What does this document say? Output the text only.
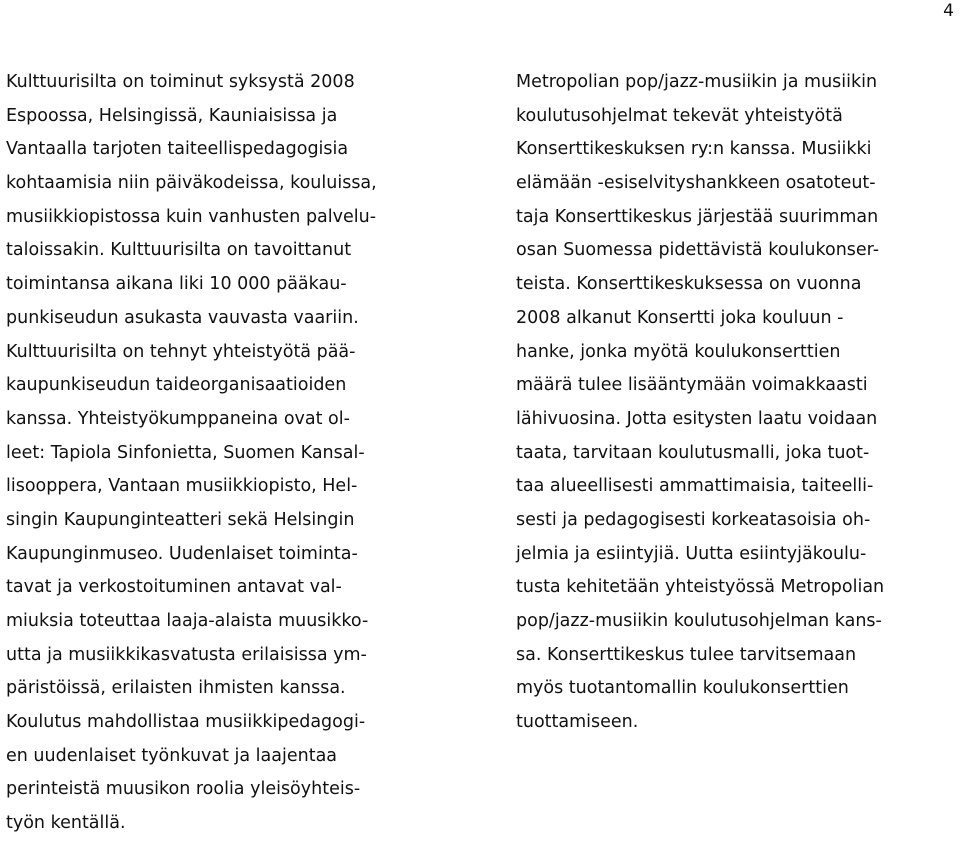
4
Kulttuurisilta on toiminut syksystä 2008
Espoossa, Helsingissä, Kauniaisissa ja
Vantaalla tarjoten taiteellispedagogisia
kohtaamisia niin päiväkodeissa, kouluissa,
musiikkiopistossa kuin vanhusten palvelu-
taloissakin. Kulttuurisilta on tavoittanut
toimintansa aikana liki 10 000 pääkau-
punkiseudun asukasta vauvasta vaariin.
Kulttuurisilta on tehnyt yhteistyötä pää-
kaupunkiseudun taideorganisaatioiden
kanssa. Yhteistyökumppaneina ovat ol-
leet: Tapiola Sinfonietta, Suomen Kansal-
lisooppera, Vantaan musiikkiopisto, Hel-
singin Kaupunginteatteri sekä Helsingin
Kaupunginmuseo. Uudenlaiset toiminta-
tavat ja verkostoituminen antavat val-
miuksia toteuttaa laaja-alaista muusikko-
utta ja musiikkikasvatusta erilaisissa ym-
päristöissä, erilaisten ihmisten kanssa.
Koulutus mahdollistaa musiikkipedagogi-
en uudenlaiset työnkuvat ja laajentaa
perinteistä muusikon roolia yleisöyhteis-
työn kentällä.
Metropolian pop/jazz-musiikin ja musiikin
koulutusohjelmat tekevät yhteistyötä
Konserttikeskuksen ry:n kanssa. Musiikki
elämään -esiselvityshankkeen osatoteut-
taja Konserttikeskus järjestää suurimman
osan Suomessa pidettävistä koulukonser-
teista. Konserttikeskuksessa on vuonna
2008 alkanut Konsertti joka kouluun -
hanke, jonka myötä koulukonserttien
määrä tulee lisääntymään voimakkaasti
lähivuosina. Jotta esitysten laatu voidaan
taata, tarvitaan koulutusmalli, joka tuot-
taa alueellisesti ammattimaisia, taiteelli-
sesti ja pedagogisesti korkeatasoisia oh-
jelmia ja esiintyjiä. Uutta esiintyjäkoulu-
tusta kehitetään yhteistyössä Metropolian
pop/jazz-musiikin koulutusohjelman kans-
sa. Konserttikeskus tulee tarvitsemaan
myös tuotantomallin koulukonserttien
tuottamiseen.
